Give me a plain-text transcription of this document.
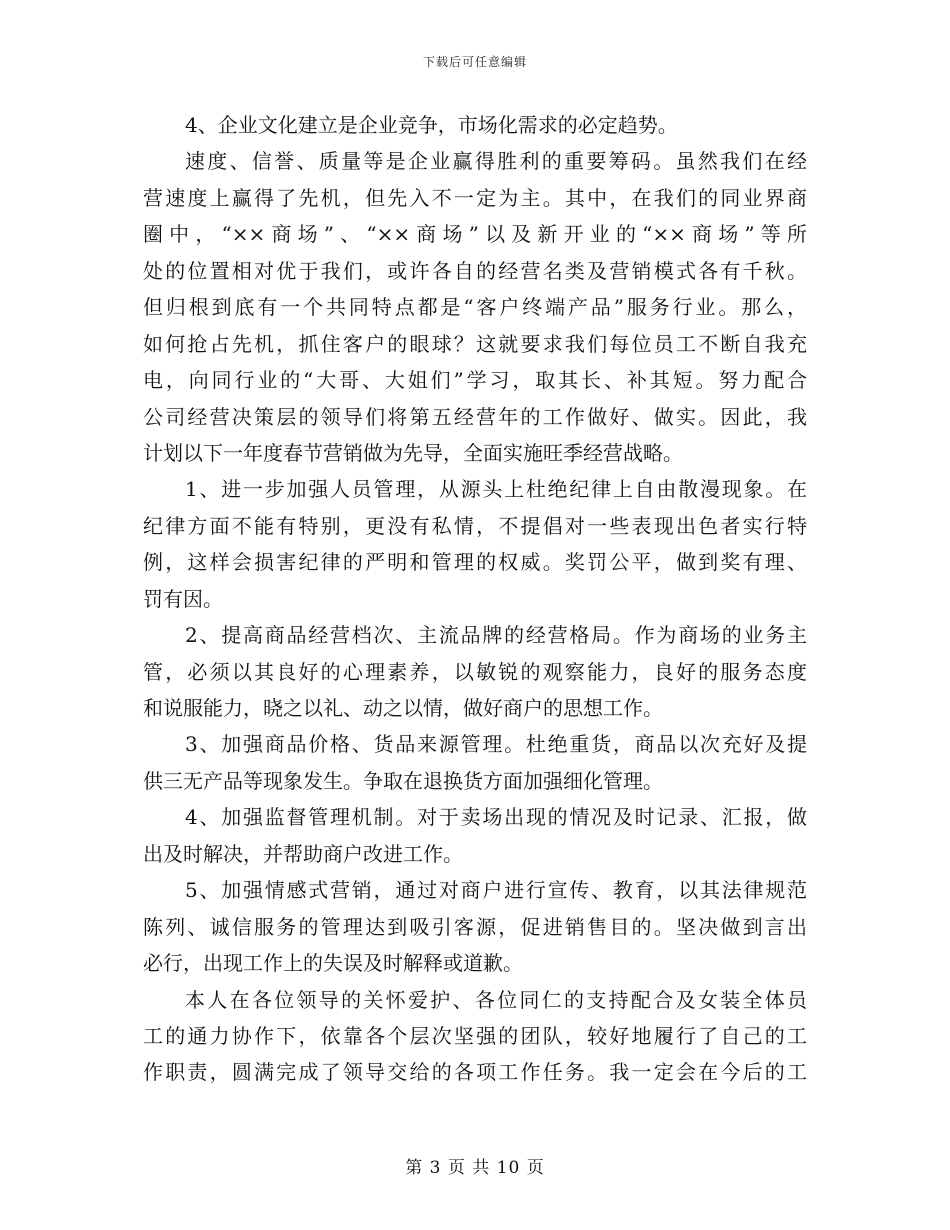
下载后可任意编辑
4、企业文化建立是企业竞争，市场化需求的必定趋势。
速度、信誉、质量等是企业赢得胜利的重要筹码。虽然我们在经
营速度上赢得了先机，但先入不一定为主。其中，在我们的同业界商
圈中，“××商场”、“××商场”以及新开业的“××商场”等所
处的位置相对优于我们，或许各自的经营名类及营销模式各有千秋。
但归根到底有一个共同特点都是“客户终端产品”服务行业。那么，
如何抢占先机，抓住客户的眼球？这就要求我们每位员工不断自我充
电，向同行业的“大哥、大姐们”学习，取其长、补其短。努力配合
公司经营决策层的领导们将第五经营年的工作做好、做实。因此，我
计划以下一年度春节营销做为先导，全面实施旺季经营战略。
1、进一步加强人员管理，从源头上杜绝纪律上自由散漫现象。在
纪律方面不能有特别，更没有私情，不提倡对一些表现出色者实行特
例，这样会损害纪律的严明和管理的权威。奖罚公平，做到奖有理、
罚有因。
2、提高商品经营档次、主流品牌的经营格局。作为商场的业务主
管，必须以其良好的心理素养，以敏锐的观察能力，良好的服务态度
和说服能力，晓之以礼、动之以情，做好商户的思想工作。
3、加强商品价格、货品来源管理。杜绝重货，商品以次充好及提
供三无产品等现象发生。争取在退换货方面加强细化管理。
4、加强监督管理机制。对于卖场出现的情况及时记录、汇报，做
出及时解决，并帮助商户改进工作。
5、加强情感式营销，通过对商户进行宣传、教育，以其法律规范
陈列、诚信服务的管理达到吸引客源，促进销售目的。坚决做到言出
必行，出现工作上的失误及时解释或道歉。
本人在各位领导的关怀爱护、各位同仁的支持配合及女装全体员
工的通力协作下，依靠各个层次坚强的团队，较好地履行了自己的工
作职责，圆满完成了领导交给的各项工作任务。我一定会在今后的工
第 3 页 共 10 页
